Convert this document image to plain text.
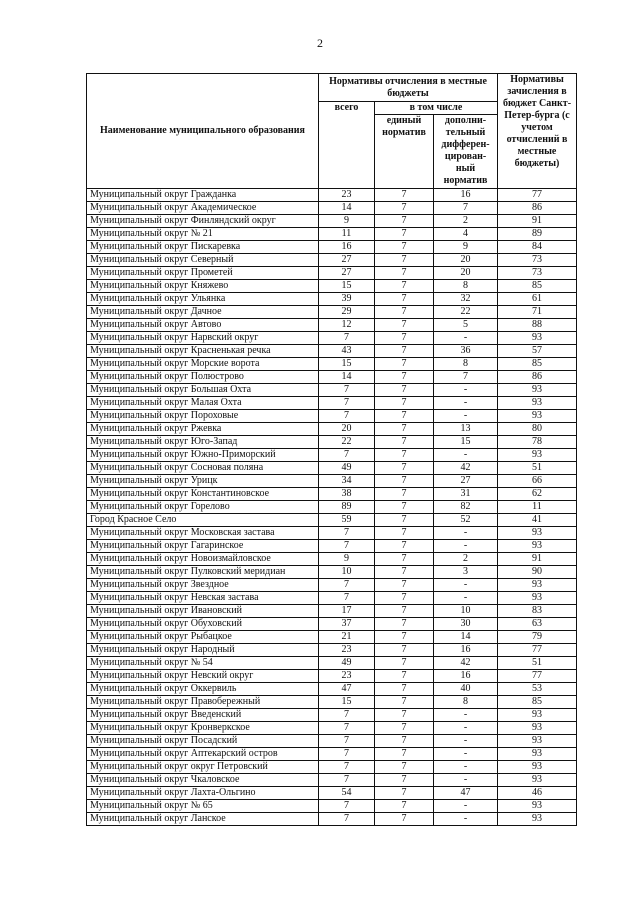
2
Наименование муниципального образования	Нормативы отчисления в местные бюджеты			Нормативы зачисления в бюджет Санкт-Петер-бурга (с учетом отчислений в местные бюджеты)
	всего	в том числе		
		единый норматив	дополни-тельный дифферен-цирован-ный норматив	
Муниципальный округ Гражданка	23	7	16	77
Муниципальный округ Академическое	14	7	7	86
Муниципальный округ Финляндский округ	9	7	2	91
Муниципальный округ № 21	11	7	4	89
Муниципальный округ Пискаревка	16	7	9	84
Муниципальный округ Северный	27	7	20	73
Муниципальный округ Прометей	27	7	20	73
Муниципальный округ Княжево	15	7	8	85
Муниципальный округ Ульянка	39	7	32	61
Муниципальный округ Дачное	29	7	22	71
Муниципальный округ Автово	12	7	5	88
Муниципальный округ Нарвский округ	7	7	-	93
Муниципальный округ Красненькая речка	43	7	36	57
Муниципальный округ Морские ворота	15	7	8	85
Муниципальный округ Полюстрово	14	7	7	86
Муниципальный округ Большая Охта	7	7	-	93
Муниципальный округ Малая Охта	7	7	-	93
Муниципальный округ Пороховые	7	7	-	93
Муниципальный округ Ржевка	20	7	13	80
Муниципальный округ Юго-Запад	22	7	15	78
Муниципальный округ Южно-Приморский	7	7	-	93
Муниципальный округ Сосновая поляна	49	7	42	51
Муниципальный округ Урицк	34	7	27	66
Муниципальный округ Константиновское	38	7	31	62
Муниципальный округ Горелово	89	7	82	11
Город Красное Село	59	7	52	41
Муниципальный округ Московская застава	7	7	-	93
Муниципальный округ Гагаринское	7	7	-	93
Муниципальный округ Новоизмайловское	9	7	2	91
Муниципальный округ Пулковский меридиан	10	7	3	90
Муниципальный округ Звездное	7	7	-	93
Муниципальный округ Невская застава	7	7	-	93
Муниципальный округ Ивановский	17	7	10	83
Муниципальный округ Обуховский	37	7	30	63
Муниципальный округ Рыбацкое	21	7	14	79
Муниципальный округ Народный	23	7	16	77
Муниципальный округ № 54	49	7	42	51
Муниципальный округ Невский округ	23	7	16	77
Муниципальный округ Оккервиль	47	7	40	53
Муниципальный округ Правобережный	15	7	8	85
Муниципальный округ Введенский	7	7	-	93
Муниципальный округ Кронверкское	7	7	-	93
Муниципальный округ Посадский	7	7	-	93
Муниципальный округ Аптекарский остров	7	7	-	93
Муниципальный округ округ Петровский	7	7	-	93
Муниципальный округ Чкаловское	7	7	-	93
Муниципальный округ Лахта-Ольгино	54	7	47	46
Муниципальный округ № 65	7	7	-	93
Муниципальный округ Ланское	7	7	-	93
